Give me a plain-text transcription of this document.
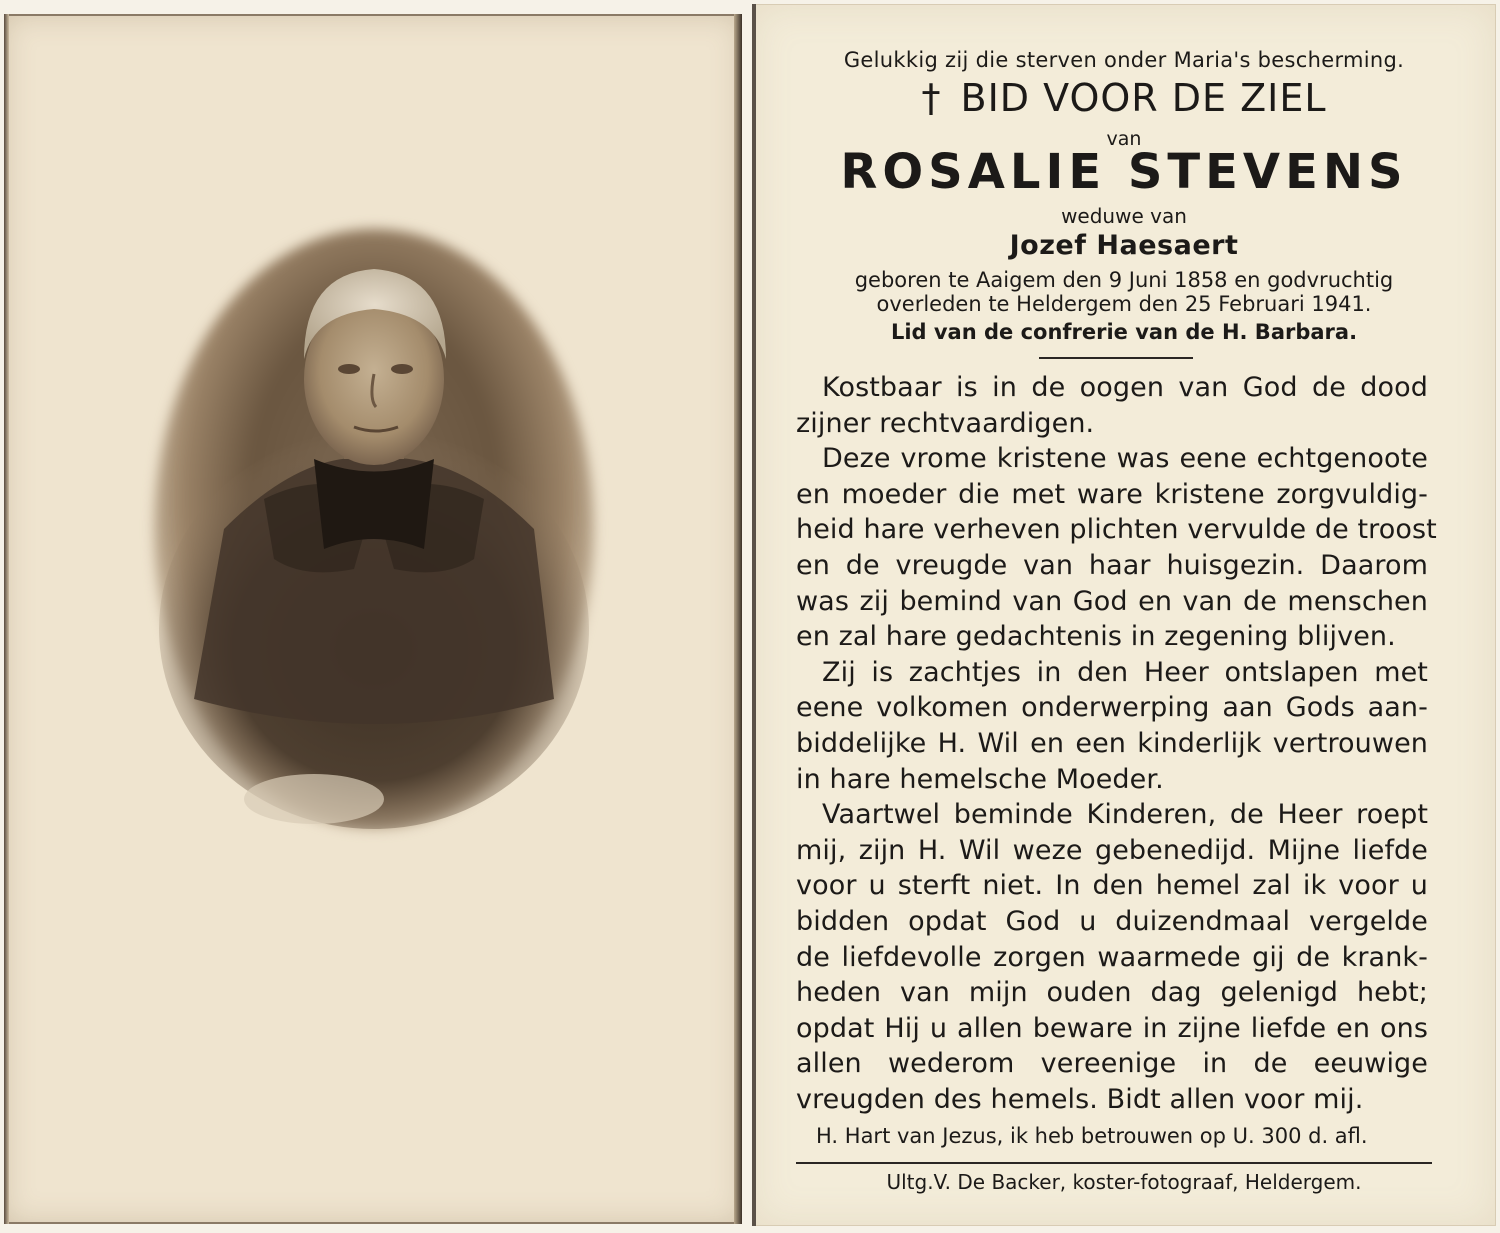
Gelukkig zij die sterven onder Maria's bescherming.
† BID VOOR DE ZIEL
van
ROSALIE STEVENS
weduwe van
Jozef Haesaert
geboren te Aaigem den 9 Juni 1858 en godvruchtig
overleden te Heldergem den 25 Februari 1941.
Lid van de confrerie van de H. Barbara.
Kostbaar is in de oogen van God de dood
zijner rechtvaardigen.
Deze vrome kristene was eene echtgenoote
en moeder die met ware kristene zorgvuldig-
heid hare verheven plichten vervulde de troost
en de vreugde van haar huisgezin. Daarom
was zij bemind van God en van de menschen
en zal hare gedachtenis in zegening blijven.
Zij is zachtjes in den Heer ontslapen met
eene volkomen onderwerping aan Gods aan-
biddelijke H. Wil en een kinderlijk vertrouwen
in hare hemelsche Moeder.
Vaartwel beminde Kinderen, de Heer roept
mij, zijn H. Wil weze gebenedijd. Mijne liefde
voor u sterft niet. In den hemel zal ik voor u
bidden opdat God u duizendmaal vergelde
de liefdevolle zorgen waarmede gij de krank-
heden van mijn ouden dag gelenigd hebt;
opdat Hij u allen beware in zijne liefde en ons
allen wederom vereenige in de eeuwige
vreugden des hemels. Bidt allen voor mij.
H. Hart van Jezus, ik heb betrouwen op U. 300 d. afl.
Ultg.V. De Backer, koster-fotograaf, Heldergem.
